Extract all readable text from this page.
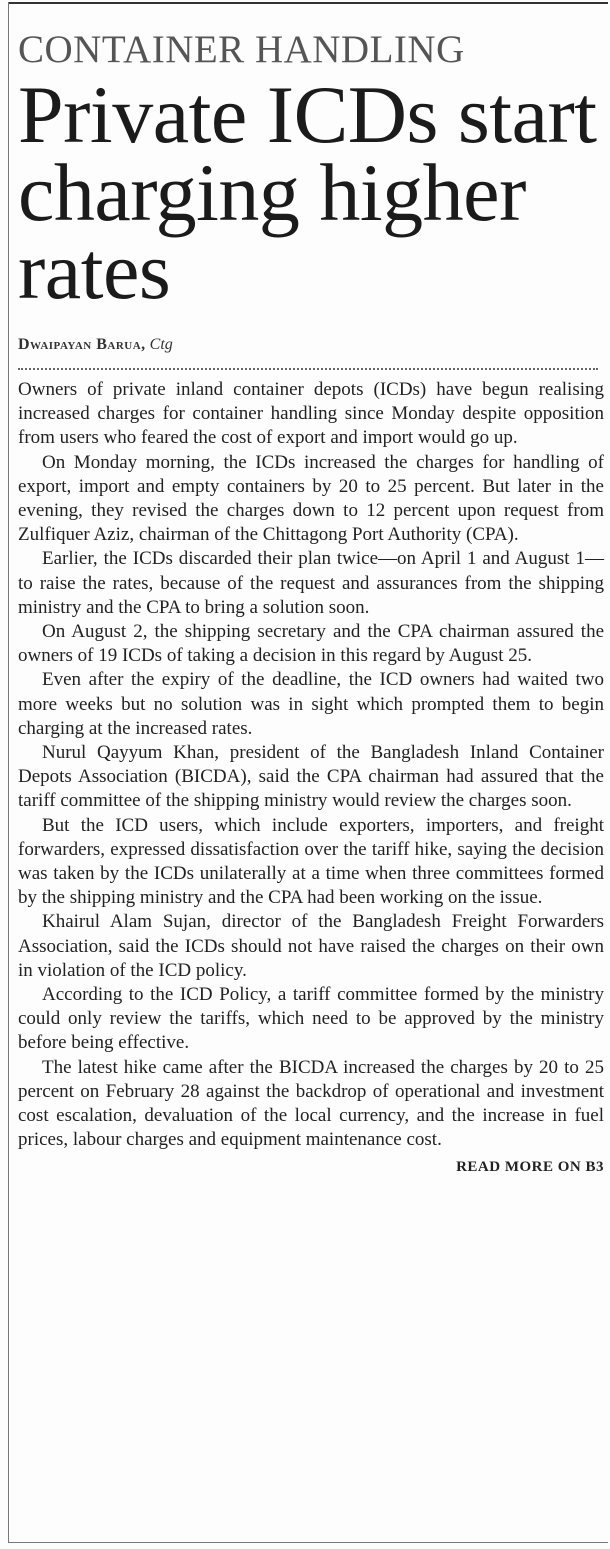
CONTAINER HANDLING
Private ICDs start charging higher rates
Dwaipayan Barua, Ctg

Owners of private inland container depots (ICDs) have begun realising increased charges for container handling since Monday despite opposition from users who feared the cost of export and import would go up.

On Monday morning, the ICDs increased the charges for handling of export, import and empty containers by 20 to 25 percent. But later in the evening, they revised the charges down to 12 percent upon request from Zulfiquer Aziz, chairman of the Chittagong Port Authority (CPA).

Earlier, the ICDs discarded their plan twice—on April 1 and August 1—to raise the rates, because of the request and assurances from the shipping ministry and the CPA to bring a solution soon.

On August 2, the shipping secretary and the CPA chairman assured the owners of 19 ICDs of taking a decision in this regard by August 25.

Even after the expiry of the deadline, the ICD owners had waited two more weeks but no solution was in sight which prompted them to begin charging at the increased rates.

Nurul Qayyum Khan, president of the Bangladesh Inland Container Depots Association (BICDA), said the CPA chairman had assured that the tariff committee of the shipping ministry would review the charges soon.

But the ICD users, which include exporters, importers, and freight forwarders, expressed dissatisfaction over the tariff hike, saying the decision was taken by the ICDs unilaterally at a time when three committees formed by the shipping ministry and the CPA had been working on the issue.

Khairul Alam Sujan, director of the Bangladesh Freight Forwarders Association, said the ICDs should not have raised the charges on their own in violation of the ICD policy.

According to the ICD Policy, a tariff committee formed by the ministry could only review the tariffs, which need to be approved by the ministry before being effective.

The latest hike came after the BICDA increased the charges by 20 to 25 percent on February 28 against the backdrop of operational and investment cost escalation, devaluation of the local currency, and the increase in fuel prices, labour charges and equipment maintenance cost.

READ MORE ON B3
